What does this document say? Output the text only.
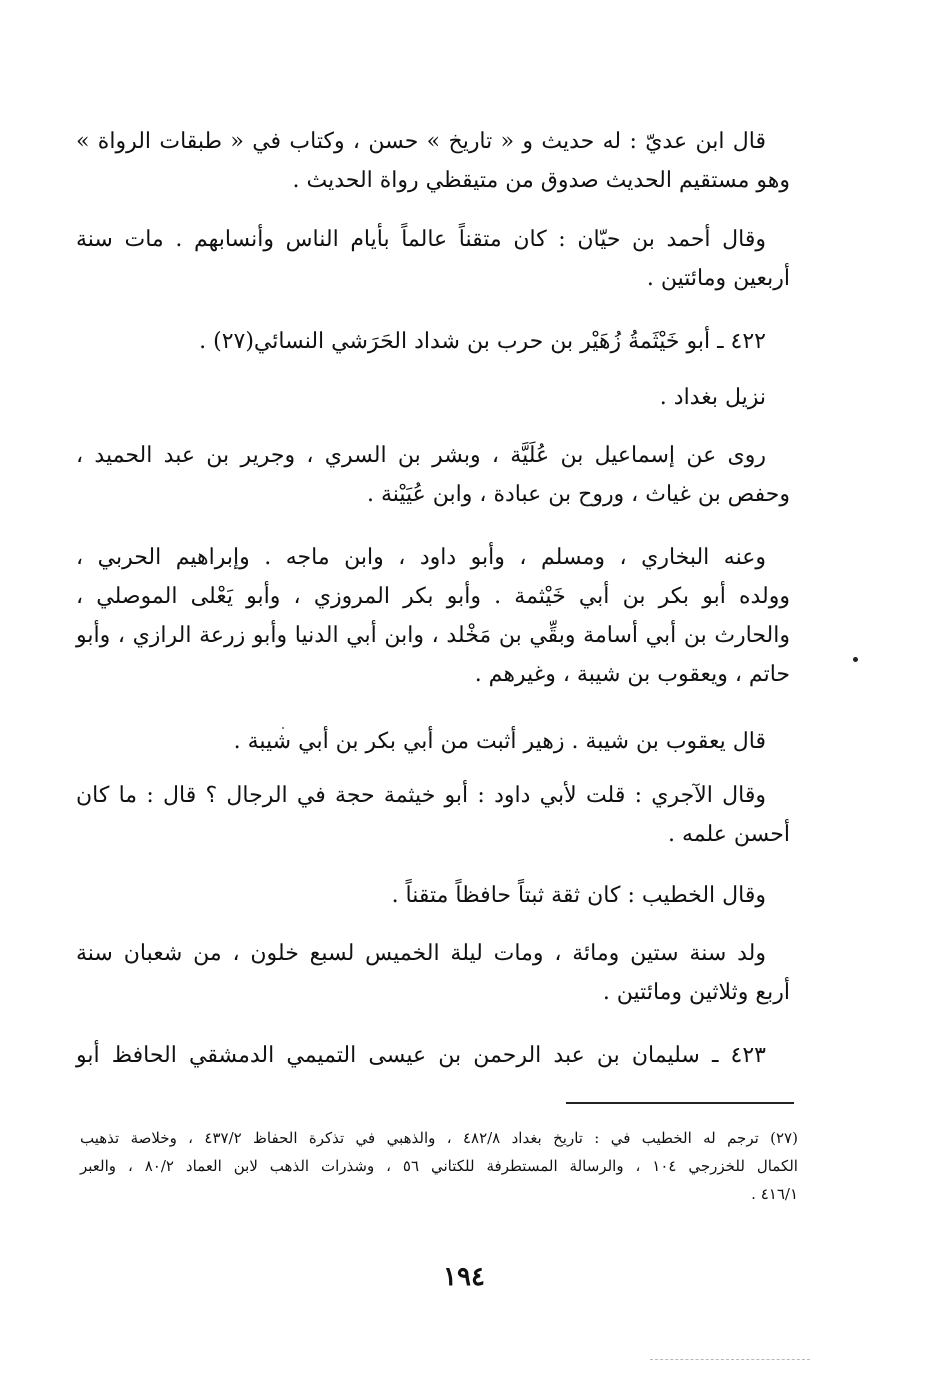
قال ابن عديّ : له حديث و « تاريخ » حسن ، وكتاب في « طبقات الرواة »
وهو مستقيم الحديث صدوق من متيقظي رواة الحديث .
وقال أحمد بن حيّان : كان متقناً عالماً بأيام الناس وأنسابهم . مات سنة
أربعين ومائتين .
٤٢٢ ـ أبو خَيْثَمةُ زُهَيْر بن حرب بن شداد الحَرَشي النسائي(٢٧) .
نزيل بغداد .
روى عن إسماعيل بن عُلَيَّة ، وبشر بن السري ، وجرير بن عبد الحميد ،
وحفص بن غياث ، وروح بن عبادة ، وابن عُيَيْنة .
وعنه البخاري ، ومسلم ، وأبو داود ، وابن ماجه . وإبراهيم الحربي ،
وولده أبو بكر بن أبي خَيْثمة . وأبو بكر المروزي ، وأبو يَعْلى الموصلي ،
والحارث بن أبي أسامة وبقِّي بن مَخْلد ، وابن أبي الدنيا وأبو زرعة الرازي ، وأبو
حاتم ، ويعقوب بن شيبة ، وغيرهم .
قال يعقوب بن شيبة . زهير أثبت من أبي بكر بن أبي شيبة .
وقال الآجري : قلت لأبي داود : أبو خيثمة حجة في الرجال ؟ قال : ما كان
أحسن علمه .
وقال الخطيب : كان ثقة ثبتاً حافظاً متقناً .
ولد سنة ستين ومائة ، ومات ليلة الخميس لسبع خلون ، من شعبان سنة
أربع وثلاثين ومائتين .
٤٢٣ ـ سليمان بن عبد الرحمن بن عيسى التميمي الدمشقي الحافظ أبو
(٢٧) ترجم له الخطيب في : تاريخ بغداد ٤٨٢/٨ ، والذهبي في تذكرة الحفاظ ٤٣٧/٢ ، وخلاصة تذهيب
الكمال للخزرجي ١٠٤ ، والرسالة المستطرفة للكتاني ٥٦ ، وشذرات الذهب لابن العماد ٨٠/٢ ، والعبر
٤١٦/١ .
١٩٤
